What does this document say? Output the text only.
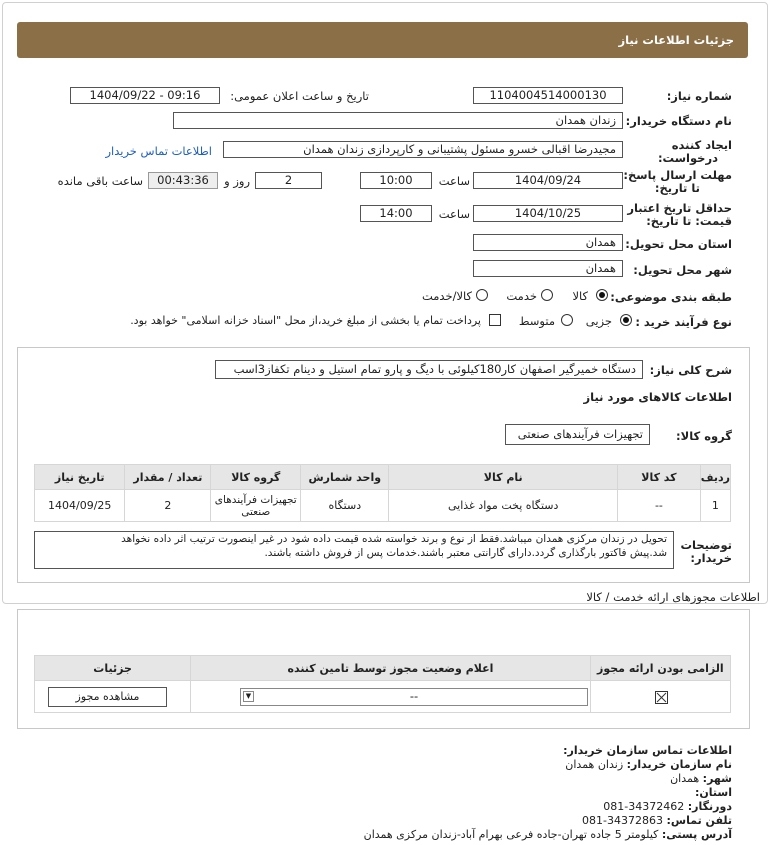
جزئیات اطلاعات نیاز
شماره نیاز:
1104004514000130
تاریخ و ساعت اعلان عمومی:
1404/09/22 - 09:16
نام دستگاه خریدار:
زندان همدان
ایجاد کننده
درخواست:
مجیدرضا اقبالی خسرو مسئول پشتیبانی و کارپردازی زندان همدان
اطلاعات تماس خریدار
مهلت ارسال پاسخ:
تا تاریخ:
1404/09/24
ساعت
10:00
2
روز و
00:43:36
ساعت باقی مانده
حداقل تاریخ اعتبار
قیمت: تا تاریخ:
1404/10/25
ساعت
14:00
استان محل تحویل:
همدان
شهر محل تحویل:
همدان
طبقه بندی موضوعی:
کالا
خدمت
کالا/خدمت
نوع فرآیند خرید :
جزیی
متوسط
پرداخت تمام یا بخشی از مبلغ خرید،از محل "اسناد خزانه اسلامی" خواهد بود.
شرح کلی نیاز:
دستگاه خمیرگیر اصفهان کار180کیلوئی با دیگ و پارو تمام استیل و دینام تکفاز3اسب
اطلاعات کالاهای مورد نیاز
گروه کالا:
تجهیزات فرآیندهای صنعتی
تاریخ نیاز	تعداد / مقدار	گروه کالا	واحد شمارش	نام کالا	کد کالا	ردیف
1404/09/25	2	تجهیزات فرآیندهای صنعتی	دستگاه	دستگاه پخت مواد غذایی	--	1
توضیحات
خریدار:
تحویل در زندان مرکزی همدان میباشد.فقط از نوع و برند خواسته شده قیمت داده شود در غیر اینصورت ترتیب اثر داده نخواهد
شد.پیش فاکتور بارگذاری گردد.دارای گارانتی معتبر باشند.خدمات پس از فروش داشته باشند.
اطلاعات مجوزهای ارائه خدمت / کالا
جزئیات	اعلام وضعیت مجوز توسط تامین کننده	الزامی بودن ارائه مجوز

مشاهده مجوز	--
▼
اطلاعات تماس سازمان خریدار:
نام سازمان خریدار: زندان همدان
شهر: همدان
استان:
دورنگار: 34372462-081
تلفن تماس: 34372863-081
آدرس پستی: کیلومتر 5 جاده تهران-جاده فرعی بهرام آباد-زندان مرکزی همدان
